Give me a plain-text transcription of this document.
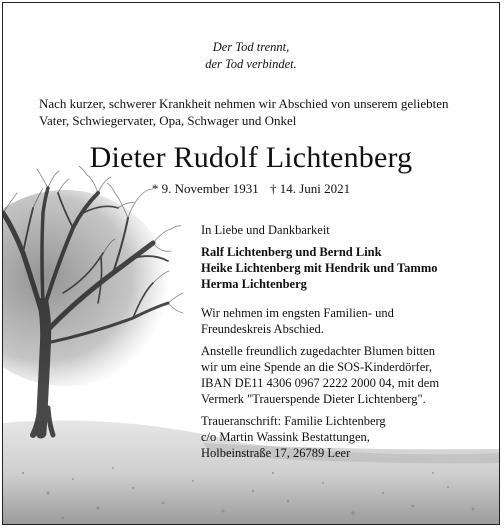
Der Tod trennt,
der Tod verbindet.
Nach kurzer, schwerer Krankheit nehmen wir Abschied von unserem geliebten
Vater, Schwiegervater, Opa, Schwager und Onkel
Dieter Rudolf Lichtenberg
* 9. November 1931 † 14. Juni 2021
In Liebe und Dankbarkeit
Ralf Lichtenberg und Bernd Link
Heike Lichtenberg mit Hendrik und Tammo
Herma Lichtenberg
Wir nehmen im engsten Familien- und
Freundeskreis Abschied.
Anstelle freundlich zugedachter Blumen bitten
wir um eine Spende an die SOS-Kinderdörfer,
IBAN DE11 4306 0967 2222 2000 04, mit dem
Vermerk "Trauerspende Dieter Lichtenberg".
Traueranschrift: Familie Lichtenberg
c/o Martin Wassink Bestattungen,
Holbeinstraße 17, 26789 Leer
